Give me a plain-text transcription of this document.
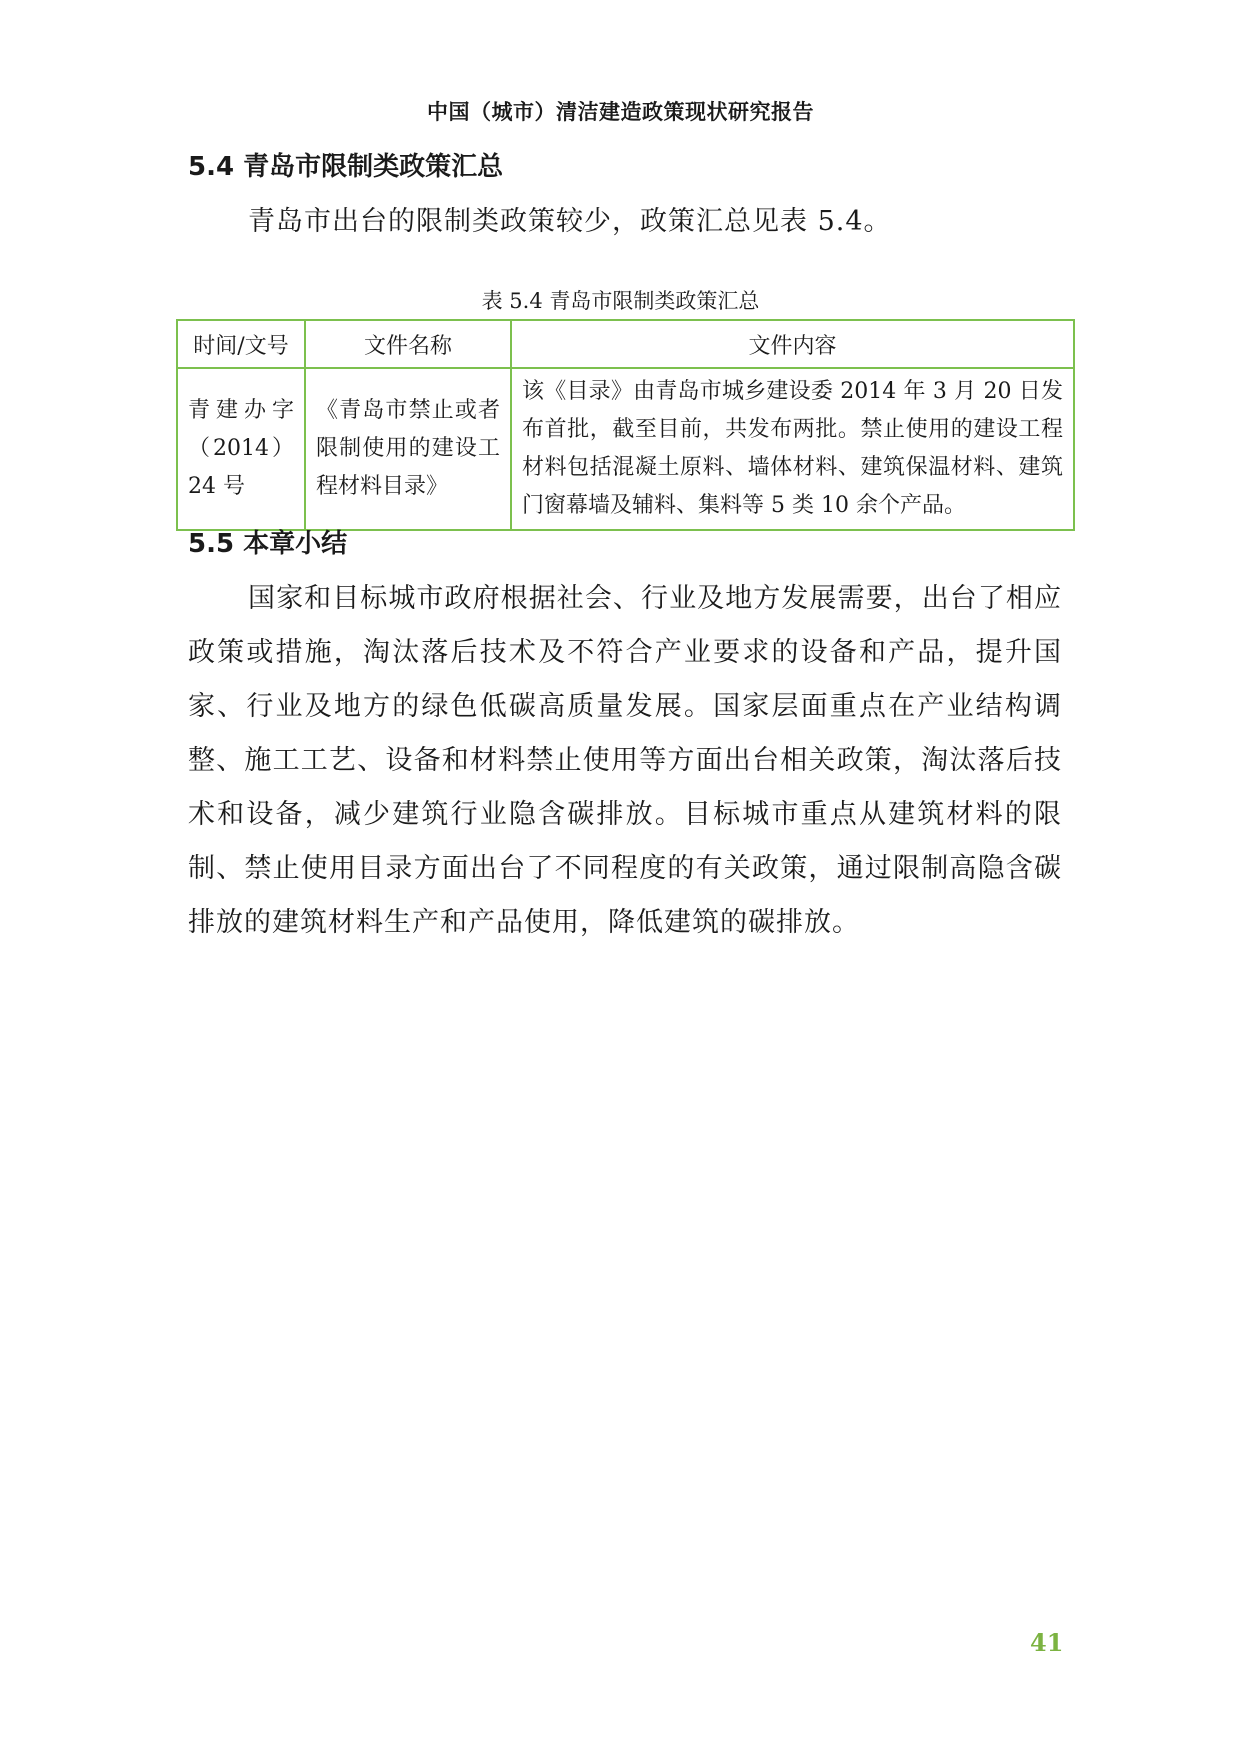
中国（城市）清洁建造政策现状研究报告
5.4 青岛市限制类政策汇总
青岛市出台的限制类政策较少，政策汇总见表 5.4。
表 5.4 青岛市限制类政策汇总
时间/文号	文件名称	文件内容
青建办字（2014）24 号	《青岛市禁止或者限制使用的建设工程材料目录》	该《目录》由青岛市城乡建设委 2014 年 3 月 20 日发布首批，截至目前，共发布两批。禁止使用的建设工程材料包括混凝土原料、墙体材料、建筑保温材料、建筑门窗幕墙及辅料、集料等 5 类 10 余个产品。
5.5 本章小结
国家和目标城市政府根据社会、行业及地方发展需要，出台了相应政策或措施，淘汰落后技术及不符合产业要求的设备和产品，提升国家、行业及地方的绿色低碳高质量发展。国家层面重点在产业结构调整、施工工艺、设备和材料禁止使用等方面出台相关政策，淘汰落后技术和设备，减少建筑行业隐含碳排放。目标城市重点从建筑材料的限制、禁止使用目录方面出台了不同程度的有关政策，通过限制高隐含碳排放的建筑材料生产和产品使用，降低建筑的碳排放。
41
